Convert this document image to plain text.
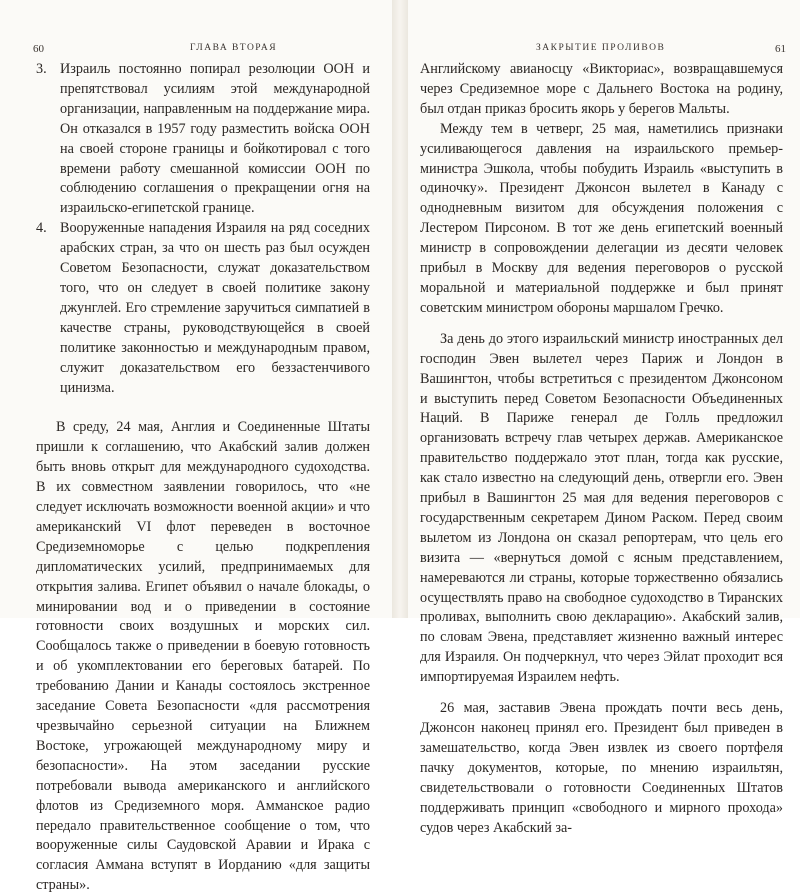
60	ГЛАВА ВТОРАЯ
3. Израиль постоянно попирал резолюции ООН и препятствовал усилиям этой международной организации, направленным на поддержание мира. Он отказался в 1957 году разместить войска ООН на своей стороне границы и бойкотировал с того времени работу смешанной комиссии ООН по соблюдению соглашения о прекращении огня на израильско-египетской границе.
4. Вооруженные нападения Израиля на ряд соседних арабских стран, за что он шесть раз был осужден Советом Безопасности, служат доказательством того, что он следует в своей политике закону джунглей. Его стремление заручиться симпатией в качестве страны, руководствующейся в своей политике законностью и международным правом, служит доказательством его беззастенчивого цинизма.

В среду, 24 мая, Англия и Соединенные Штаты пришли к соглашению, что Акабский залив должен быть вновь открыт для международного судоходства. В их совместном заявлении говорилось, что «не следует исключать возможности военной акции» и что американский VI флот переведен в восточное Средиземноморье с целью подкрепления дипломатических усилий, предпринимаемых для открытия залива. Египет объявил о начале блокады, о минировании вод и о приведении в состояние готовности своих воздушных и морских сил. Сообщалось также о приведении в боевую готовность и об укомплектовании его береговых батарей. По требованию Дании и Канады состоялось экстренное заседание Совета Безопасности «для рассмотрения чрезвычайно серьезной ситуации на Ближнем Востоке, угрожающей международному миру и безопасности». На этом заседании русские потребовали вывода американского и английского флотов из Средиземного моря. Амманское радио передало правительственное сообщение о том, что вооруженные силы Саудовской Аравии и Ирака с согласия Аммана вступят в Иорданию «для защиты страны».

ЗАКРЫТИЕ ПРОЛИВОВ	61

Английскому авианосцу «Викториас», возвращавшемуся через Средиземное море с Дальнего Востока на родину, был отдан приказ бросить якорь у берегов Мальты.

Между тем в четверг, 25 мая, наметились признаки усиливающегося давления на израильского премьер-министра Эшкола, чтобы побудить Израиль «выступить в одиночку». Президент Джонсон вылетел в Канаду с однодневным визитом для обсуждения положения с Лестером Пирсоном. В тот же день египетский военный министр в сопровождении делегации из десяти человек прибыл в Москву для ведения переговоров о русской моральной и материальной поддержке и был принят советским министром обороны маршалом Гречко.

За день до этого израильский министр иностранных дел господин Эвен вылетел через Париж и Лондон в Вашингтон, чтобы встретиться с президентом Джонсоном и выступить перед Советом Безопасности Объединенных Наций. В Париже генерал де Голль предложил организовать встречу глав четырех держав. Американское правительство поддержало этот план, тогда как русские, как стало известно на следующий день, отвергли его. Эвен прибыл в Вашингтон 25 мая для ведения переговоров с государственным секретарем Дином Раском. Перед своим вылетом из Лондона он сказал репортерам, что цель его визита — «вернуться домой с ясным представлением, намереваются ли страны, которые торжественно обязались осуществлять право на свободное судоходство в Тиранских проливах, выполнить свою декларацию». Акабский залив, по словам Эвена, представляет жизненно важный интерес для Израиля. Он подчеркнул, что через Эйлат проходит вся импортируемая Израилем нефть.

26 мая, заставив Эвена прождать почти весь день, Джонсон наконец принял его. Президент был приведен в замешательство, когда Эвен извлек из своего портфеля пачку документов, которые, по мнению израильтян, свидетельствовали о готовности Соединенных Штатов поддерживать принцип «свободного и мирного прохода» судов через Акабский за-
